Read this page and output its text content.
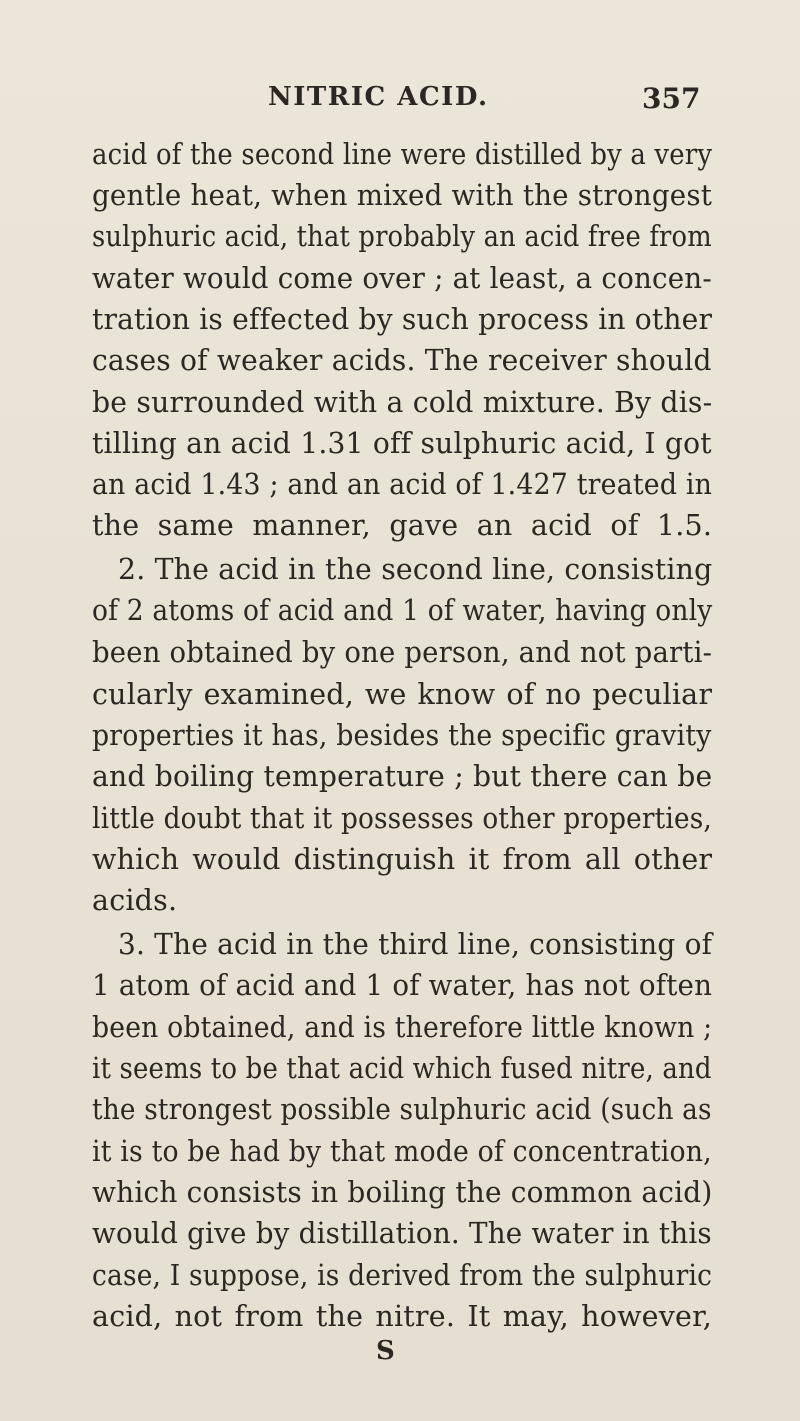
NITRIC ACID.	357
acid of the second line were distilled by a very
gentle heat, when mixed with the strongest
sulphuric acid, that probably an acid free from
water would come over ; at least, a concen-
tration is effected by such process in other
cases of weaker acids. The receiver should
be surrounded with a cold mixture. By dis-
tilling an acid 1.31 off sulphuric acid, I got
an acid 1.43 ; and an acid of 1.427 treated in
the same manner, gave an acid of 1.5.
2. The acid in the second line, consisting
of 2 atoms of acid and 1 of water, having only
been obtained by one person, and not parti-
cularly examined, we know of no peculiar
properties it has, besides the specific gravity
and boiling temperature ; but there can be
little doubt that it possesses other properties,
which would distinguish it from all other
acids.
3. The acid in the third line, consisting of
1 atom of acid and 1 of water, has not often
been obtained, and is therefore little known ;
it seems to be that acid which fused nitre, and
the strongest possible sulphuric acid (such as
it is to be had by that mode of concentration,
which consists in boiling the common acid)
would give by distillation. The water in this
case, I suppose, is derived from the sulphuric
acid, not from the nitre. It may, however,
S
